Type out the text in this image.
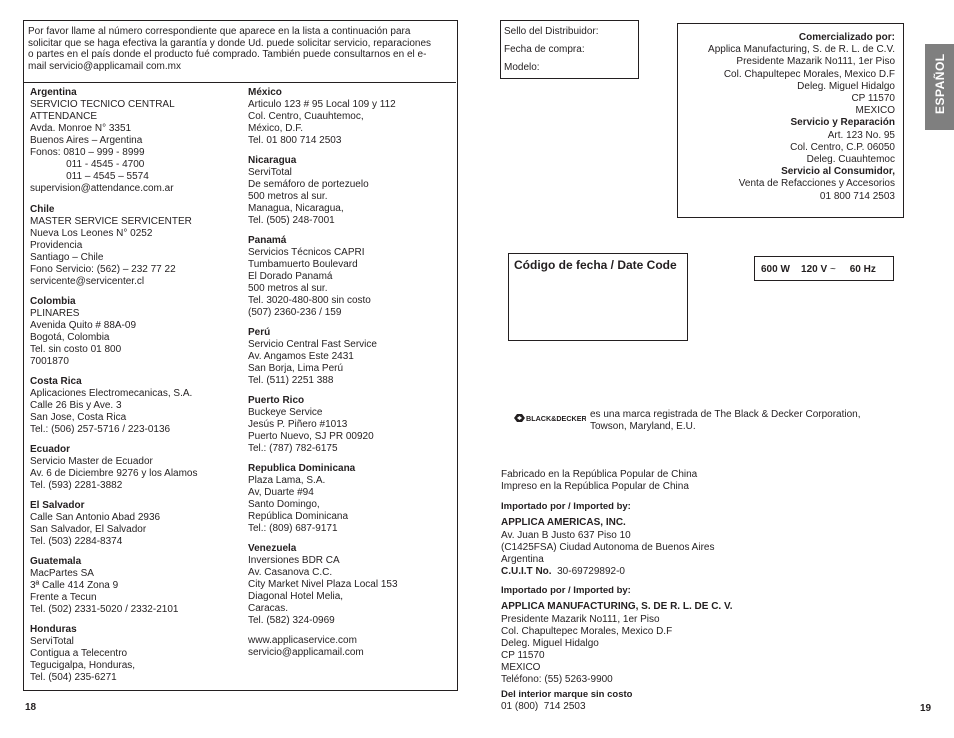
Por favor llame al número correspondiente que aparece en la lista a continuación para solicitar que se haga efectiva la garantía y donde Ud. puede solicitar servicio, reparaciones o partes en el país donde el producto fué comprado. También puede consultarnos en el e-mail servicio@applicamail com.mx
Argentina
SERVICIO TECNICO CENTRAL
ATTENDANCE
Avda. Monroe N° 3351
Buenos Aires – Argentina
Fonos: 0810 – 999 - 8999
011 - 4545 - 4700
011 – 4545 – 5574
supervision@attendance.com.ar
Chile
MASTER SERVICE SERVICENTER
Nueva Los Leones N° 0252
Providencia
Santiago – Chile
Fono Servicio: (562) – 232 77 22
servicente@servicenter.cl
Colombia
PLINARES
Avenida Quito # 88A-09
Bogotá, Colombia
Tel. sin costo 01 800
7001870
Costa Rica
Aplicaciones Electromecanicas, S.A.
Calle 26 Bis y Ave. 3
San Jose, Costa Rica
Tel.: (506) 257-5716 / 223-0136
Ecuador
Servicio Master de Ecuador
Av. 6 de Diciembre 9276 y los Alamos
Tel. (593) 2281-3882
El Salvador
Calle San Antonio Abad 2936
San Salvador, El Salvador
Tel. (503) 2284-8374
Guatemala
MacPartes SA
3ª Calle 414 Zona 9
Frente a Tecun
Tel. (502) 2331-5020 / 2332-2101
Honduras
ServiTotal
Contigua a Telecentro
Tegucigalpa, Honduras,
Tel. (504) 235-6271
México
Articulo 123 # 95 Local 109 y 112
Col. Centro, Cuauhtemoc,
México, D.F.
Tel. 01 800 714 2503
Nicaragua
ServiTotal
De semáforo de portezuelo
500 metros al sur.
Managua, Nicaragua,
Tel. (505) 248-7001
Panamá
Servicios Técnicos CAPRI
Tumbamuerto Boulevard
El Dorado Panamá
500 metros al sur.
Tel. 3020-480-800 sin costo
(507) 2360-236 / 159
Perú
Servicio Central Fast Service
Av. Angamos Este 2431
San Borja, Lima Perú
Tel. (511) 2251 388
Puerto Rico
Buckeye Service
Jesús P. Piñero #1013
Puerto Nuevo, SJ PR 00920
Tel.: (787) 782-6175
Republica Dominicana
Plaza Lama, S.A.
Av, Duarte #94
Santo Domingo,
República Dominicana
Tel.: (809) 687-9171
Venezuela
Inversiones BDR CA
Av. Casanova C.C.
City Market Nivel Plaza Local 153
Diagonal Hotel Melia,
Caracas.
Tel. (582) 324-0969
www.applicaservice.com
servicio@applicamail.com
18
Sello del Distribuidor:
Fecha de compra:
Modelo:
Comercializado por:
Applica Manufacturing, S. de R. L. de C.V.
Presidente Mazarik No111, 1er Piso
Col. Chapultepec Morales, Mexico D.F
Deleg. Miguel Hidalgo
CP 11570
MEXICO
Servicio y Reparación
Art. 123 No. 95
Col. Centro, C.P. 06050
Deleg. Cuauhtemoc
Servicio al Consumidor,
Venta de Refacciones y Accesorios
01 800 714 2503
ESPAÑOL
Código de fecha / Date Code	600 W 120 V ~ 60 Hz
BLACK&DECKER. es una marca registrada de The Black & Decker Corporation,
Towson, Maryland, E.U.
Fabricado en la República Popular de China
Impreso en la República Popular de China
Importado por / Imported by:
APPLICA AMERICAS, INC.
Av. Juan B Justo 637 Piso 10
(C1425FSA) Ciudad Autonoma de Buenos Aires
Argentina
C.U.I.T No. 30-69729892-0
Importado por / Imported by:
APPLICA MANUFACTURING, S. DE R. L. DE C. V.
Presidente Mazarik No111, 1er Piso
Col. Chapultepec Morales, Mexico D.F
Deleg. Miguel Hidalgo
CP 11570
MEXICO
Teléfono: (55) 5263-9900
Del interior marque sin costo
01 (800)  714 2503	19
